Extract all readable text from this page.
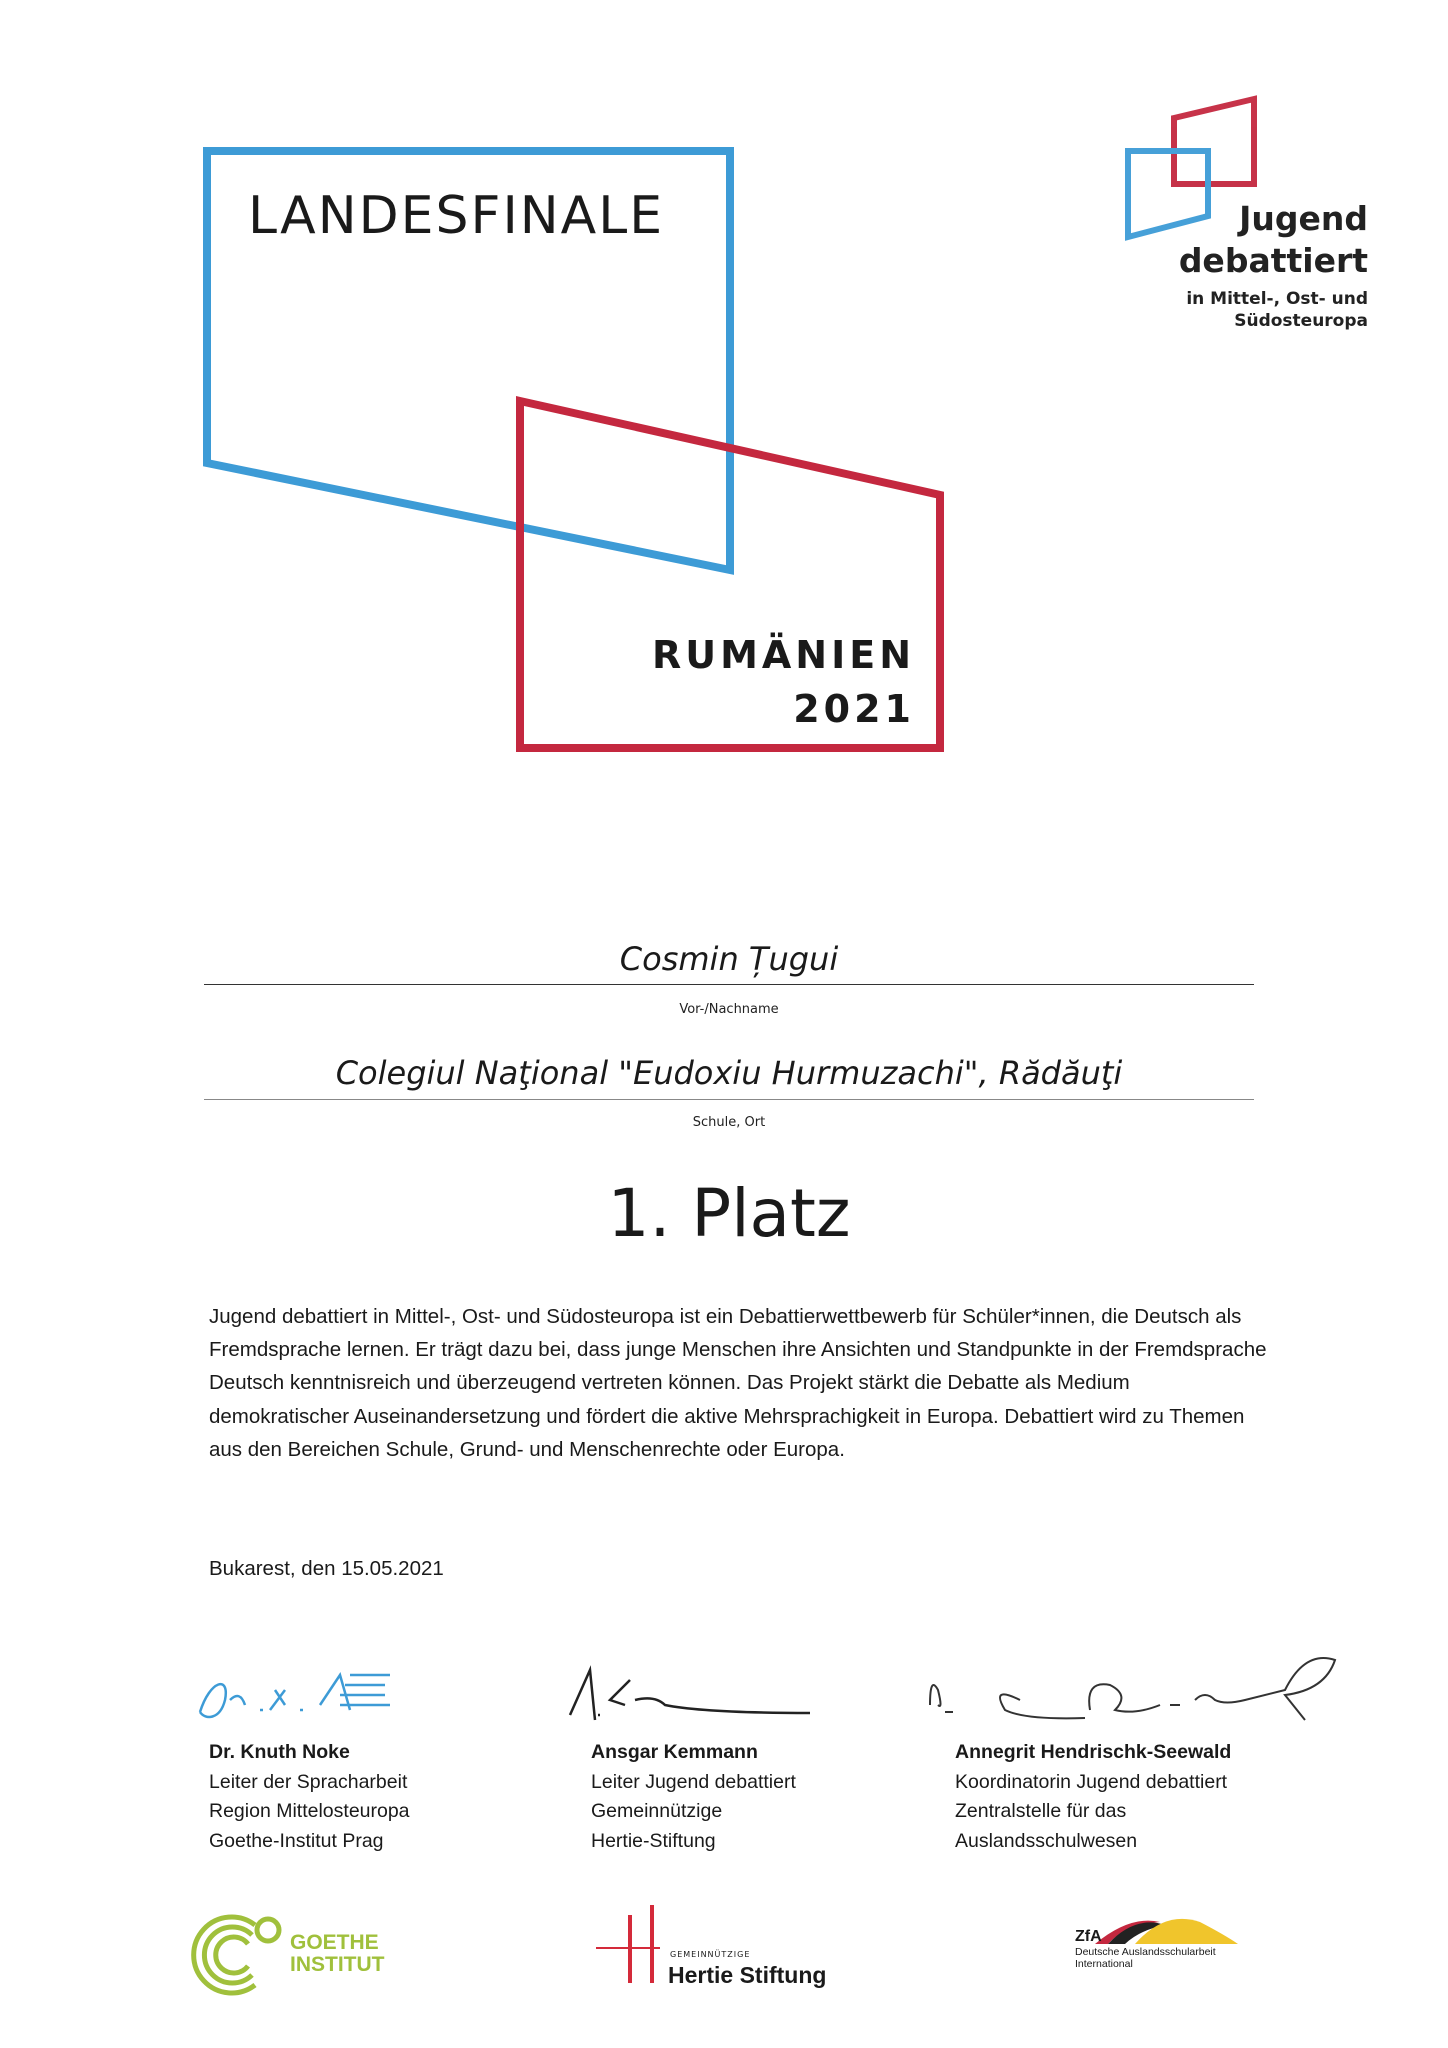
LANDESFINALE
RUMÄNIEN
2021
Jugend
debattiert
in Mittel-, Ost- und
Südosteuropa
Cosmin Țugui
Vor-/Nachname
Colegiul Naţional "Eudoxiu Hurmuzachi", Rădăuţi
Schule, Ort
1. Platz
Jugend debattiert in Mittel-, Ost- und Südosteuropa ist ein Debattierwettbewerb für Schüler*innen, die Deutsch als Fremdsprache lernen. Er trägt dazu bei, dass junge Menschen ihre Ansichten und Standpunkte in der Fremdsprache Deutsch kenntnisreich und überzeugend vertreten können. Das Projekt stärkt die Debatte als Medium demokratischer Auseinandersetzung und fördert die aktive Mehrsprachigkeit in Europa. Debattiert wird zu Themen aus den Bereichen Schule, Grund- und Menschenrechte oder Europa.
Bukarest, den 15.05.2021
Dr. Knuth Noke
Leiter der Spracharbeit
Region Mittelosteuropa
Goethe-Institut Prag
Ansgar Kemmann
Leiter Jugend debattiert
Gemeinnützige
Hertie-Stiftung
Annegrit Hendrischk-Seewald
Koordinatorin Jugend debattiert
Zentralstelle für das
Auslandsschulwesen
GOETHE
INSTITUT	GEMEINNÜTZIGE
Hertie Stiftung
ZfA
Deutsche Auslandsschularbeit
International
